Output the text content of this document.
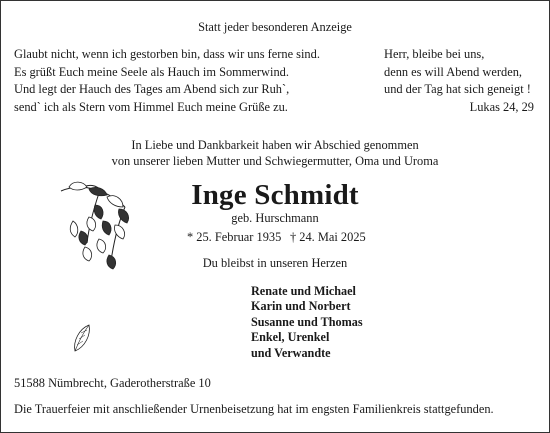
Statt jeder besonderen Anzeige
Glaubt nicht, wenn ich gestorben bin, dass wir uns ferne sind.
Es grüßt Euch meine Seele als Hauch im Sommerwind.
Und legt der Hauch des Tages am Abend sich zur Ruh`,
send` ich als Stern vom Himmel Euch meine Grüße zu.
Herr, bleibe bei uns,
denn es will Abend werden,
und der Tag hat sich geneigt !
Lukas 24, 29
In Liebe und Dankbarkeit haben wir Abschied genommen
von unserer lieben Mutter und Schwiegermutter, Oma und Uroma
Inge Schmidt
geb. Hurschmann
* 25. Februar 1935 † 24. Mai 2025
Du bleibst in unseren Herzen
Renate und Michael
Karin und Norbert
Susanne und Thomas
Enkel, Urenkel
und Verwandte
51588 Nümbrecht, Gaderotherstraße 10
Die Trauerfeier mit anschließender Urnenbeisetzung hat im engsten Familienkreis stattgefunden.
